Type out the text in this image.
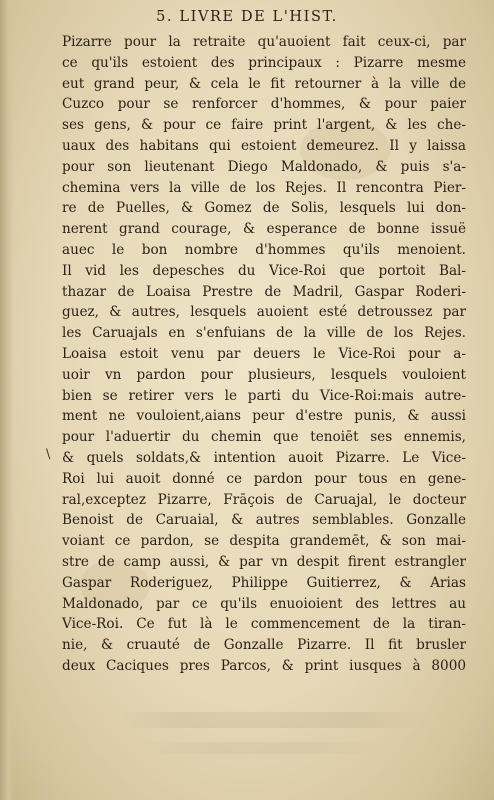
5. LIVRE DE L'HIST.
\
Pizarre pour la retraite qu'auoient fait ceux-ci, par
ce qu'ils estoient des principaux : Pizarre mesme
eut grand peur, & cela le fit retourner à la ville de
Cuzco pour se renforcer d'hommes, & pour paier
ses gens, & pour ce faire print l'argent, & les che-
uaux des habitans qui estoient demeurez. Il y laissa
pour son lieutenant Diego Maldonado, & puis s'a-
chemina vers la ville de los Rejes. Il rencontra Pier-
re de Puelles, & Gomez de Solis, lesquels lui don-
nerent grand courage, & esperance de bonne issuë
auec le bon nombre d'hommes qu'ils menoient.
Il vid les depesches du Vice-Roi que portoit Bal-
thazar de Loaisa Prestre de Madril, Gaspar Roderi-
guez, & autres, lesquels auoient esté detroussez par
les Caruajals en s'enfuians de la ville de los Rejes.
Loaisa estoit venu par deuers le Vice-Roi pour a-
uoir vn pardon pour plusieurs, lesquels vouloient
bien se retirer vers le parti du Vice-Roi:mais autre-
ment ne vouloient,aians peur d'estre punis, & aussi
pour l'aduertir du chemin que tenoiēt ses ennemis,
& quels soldats,& intention auoit Pizarre. Le Vice-
Roi lui auoit donné ce pardon pour tous en gene-
ral,exceptez Pizarre, Frāçois de Caruajal, le docteur
Benoist de Caruaial, & autres semblables. Gonzalle
voiant ce pardon, se despita grandemēt, & son mai-
stre de camp aussi, & par vn despit firent estrangler
Gaspar Roderiguez, Philippe Guitierrez, & Arias
Maldonado, par ce qu'ils enuoioient des lettres au
Vice-Roi. Ce fut là le commencement de la tiran-
nie, & cruauté de Gonzalle Pizarre. Il fit brusler
deux Caciques pres Parcos, & print iusques à 8000
